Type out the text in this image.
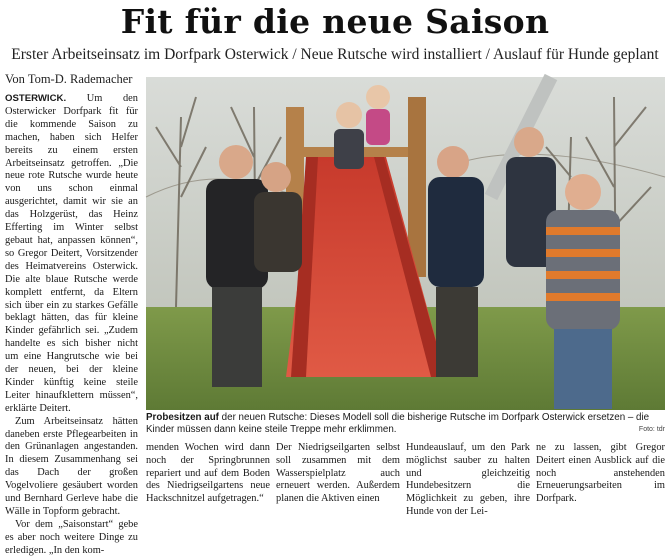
Fit für die neue Saison
Erster Arbeitseinsatz im Dorfpark Osterwick / Neue Rutsche wird installiert / Auslauf für Hunde geplant
Von Tom-D. Rademacher

OSTERWICK. Um den Osterwicker Dorfpark fit für die kommende Saison zu machen, haben sich Helfer bereits zu einem ersten Arbeitseinsatz getroffen. „Die neue rote Rutsche wurde heute von uns schon einmal ausgerichtet, damit wir sie an das Holzgerüst, das Heinz Efferting im Winter selbst gebaut hat, anpassen können“, so Gregor Deitert, Vorsitzender des Heimatvereins Osterwick. Die alte blaue Rutsche werde komplett entfernt, da Eltern sich über ein zu starkes Gefälle beklagt hätten, das für kleine Kinder gefährlich sei. „Zudem handelte es sich bisher nicht um eine Hangrutsche wie bei der neuen, bei der kleine Kinder künftig keine steile Leiter hinaufklettern müssen“, erklärte Deitert.

Zum Arbeitseinsatz hätten daneben erste Pflegearbeiten in den Grünanlagen angestanden. In diesem Zusammenhang sei das Dach der großen Vogelvoliere gesäubert worden und Bernhard Gerleve habe die Wälle in Topform gebracht.

Vor dem „Saisonstart“ gebe es aber noch weitere Dinge zu erledigen. „In den kom-

Probesitzen auf der neuen Rutsche: Dieses Modell soll die bisherige Rutsche im Dorfpark Osterwick ersetzen – die Kinder müssen dann keine steile Treppe mehr erklimmen.	Foto: tdr
menden Wochen wird dann noch der Springbrunnen repariert und auf dem Boden des Niedrigseilgartens neue Hackschnitzel aufgetragen.“
Der Niedrigseilgarten selbst soll zusammen mit dem Wasserspielplatz auch erneuert werden. Außerdem planen die Aktiven einen
Hundeauslauf, um den Park möglichst sauber zu halten und gleichzeitig Hundebesitzern die Möglichkeit zu geben, ihre Hunde von der Lei-
ne zu lassen, gibt Gregor Deitert einen Ausblick auf die noch anstehenden Erneuerungsarbeiten im Dorfpark.
